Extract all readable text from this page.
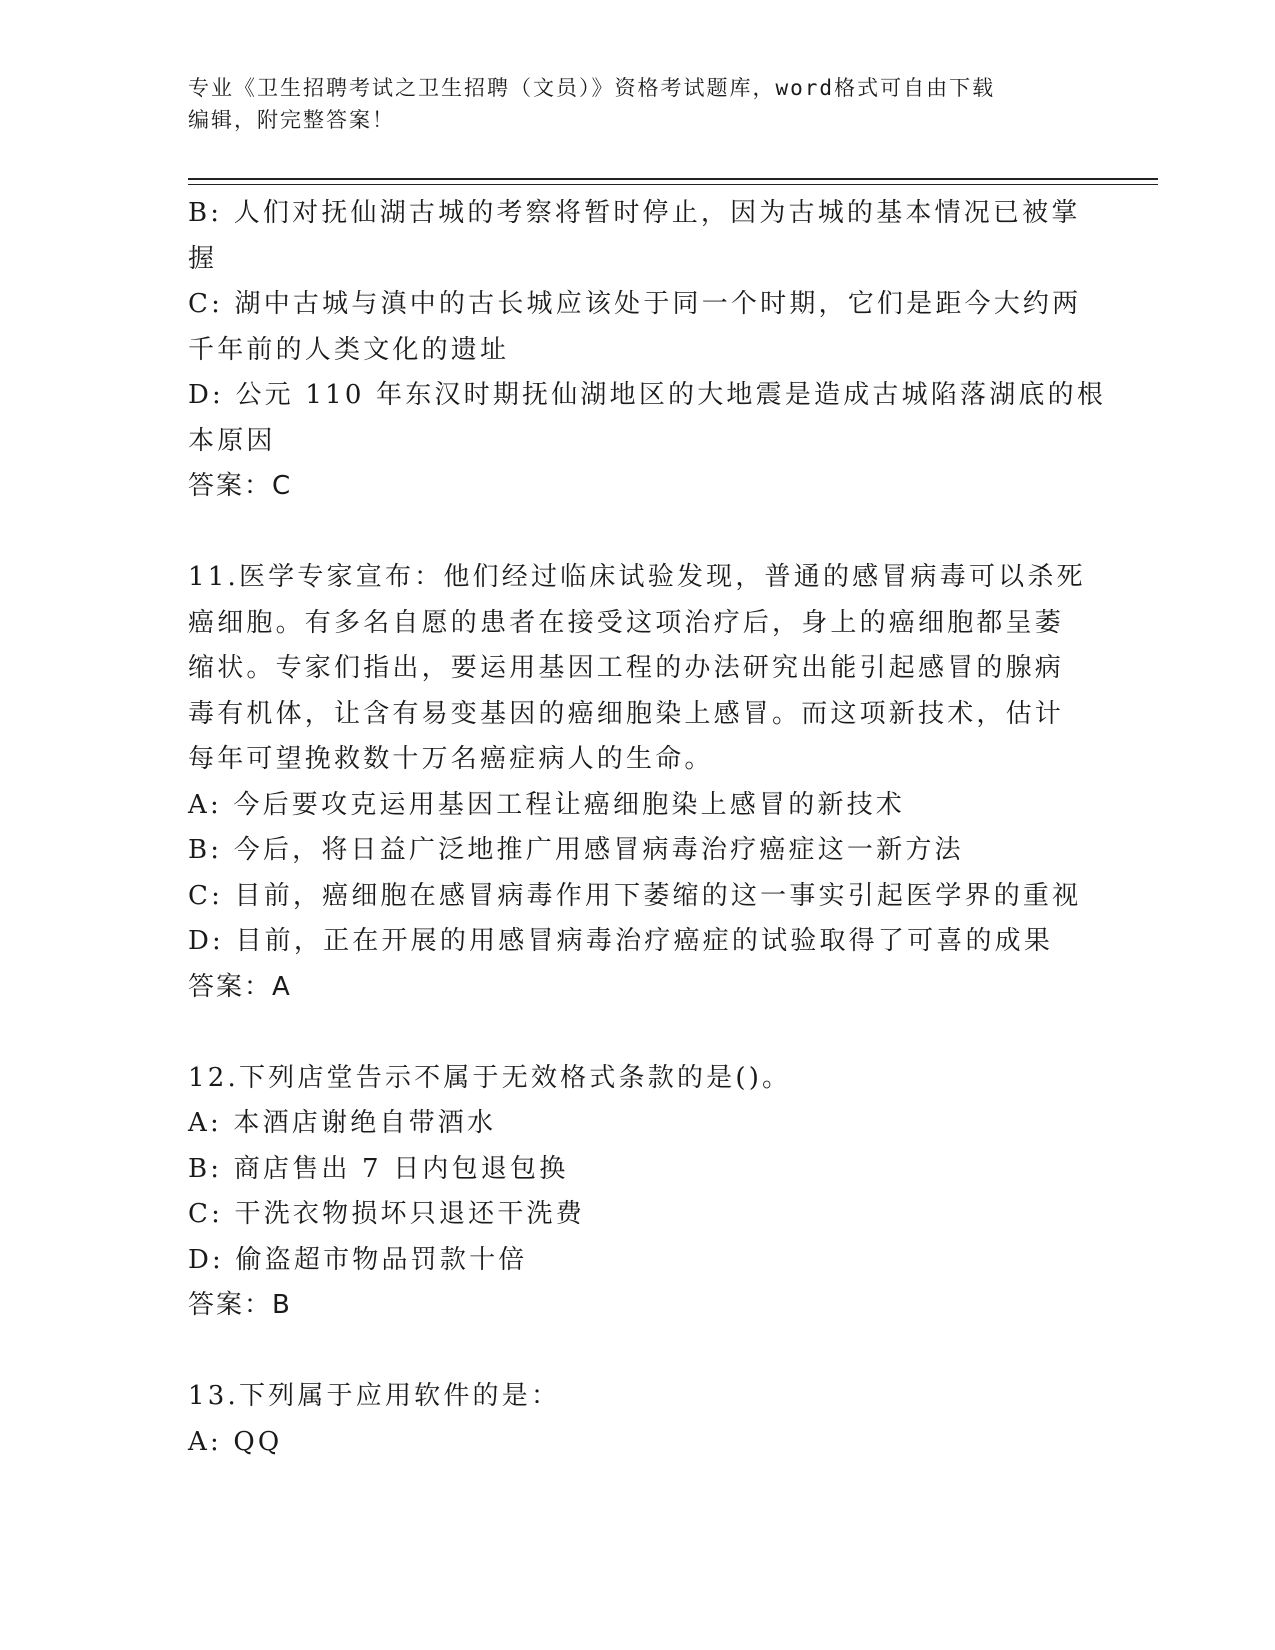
专业《卫生招聘考试之卫生招聘（文员）》资格考试题库，word格式可自由下载
编辑，附完整答案！
B: 人们对抚仙湖古城的考察将暂时停止，因为古城的基本情况已被掌
握
C: 湖中古城与滇中的古长城应该处于同一个时期，它们是距今大约两
千年前的人类文化的遗址
D: 公元 110 年东汉时期抚仙湖地区的大地震是造成古城陷落湖底的根
本原因
答案：C
11.医学专家宣布：他们经过临床试验发现，普通的感冒病毒可以杀死
癌细胞。有多名自愿的患者在接受这项治疗后，身上的癌细胞都呈萎
缩状。专家们指出，要运用基因工程的办法研究出能引起感冒的腺病
毒有机体，让含有易变基因的癌细胞染上感冒。而这项新技术，估计
每年可望挽救数十万名癌症病人的生命。
A: 今后要攻克运用基因工程让癌细胞染上感冒的新技术
B: 今后，将日益广泛地推广用感冒病毒治疗癌症这一新方法
C: 目前，癌细胞在感冒病毒作用下萎缩的这一事实引起医学界的重视
D: 目前，正在开展的用感冒病毒治疗癌症的试验取得了可喜的成果
答案：A
12.下列店堂告示不属于无效格式条款的是()。
A: 本酒店谢绝自带酒水
B: 商店售出 7 日内包退包换
C: 干洗衣物损坏只退还干洗费
D: 偷盗超市物品罚款十倍
答案：B
13.下列属于应用软件的是：
A: QQ
